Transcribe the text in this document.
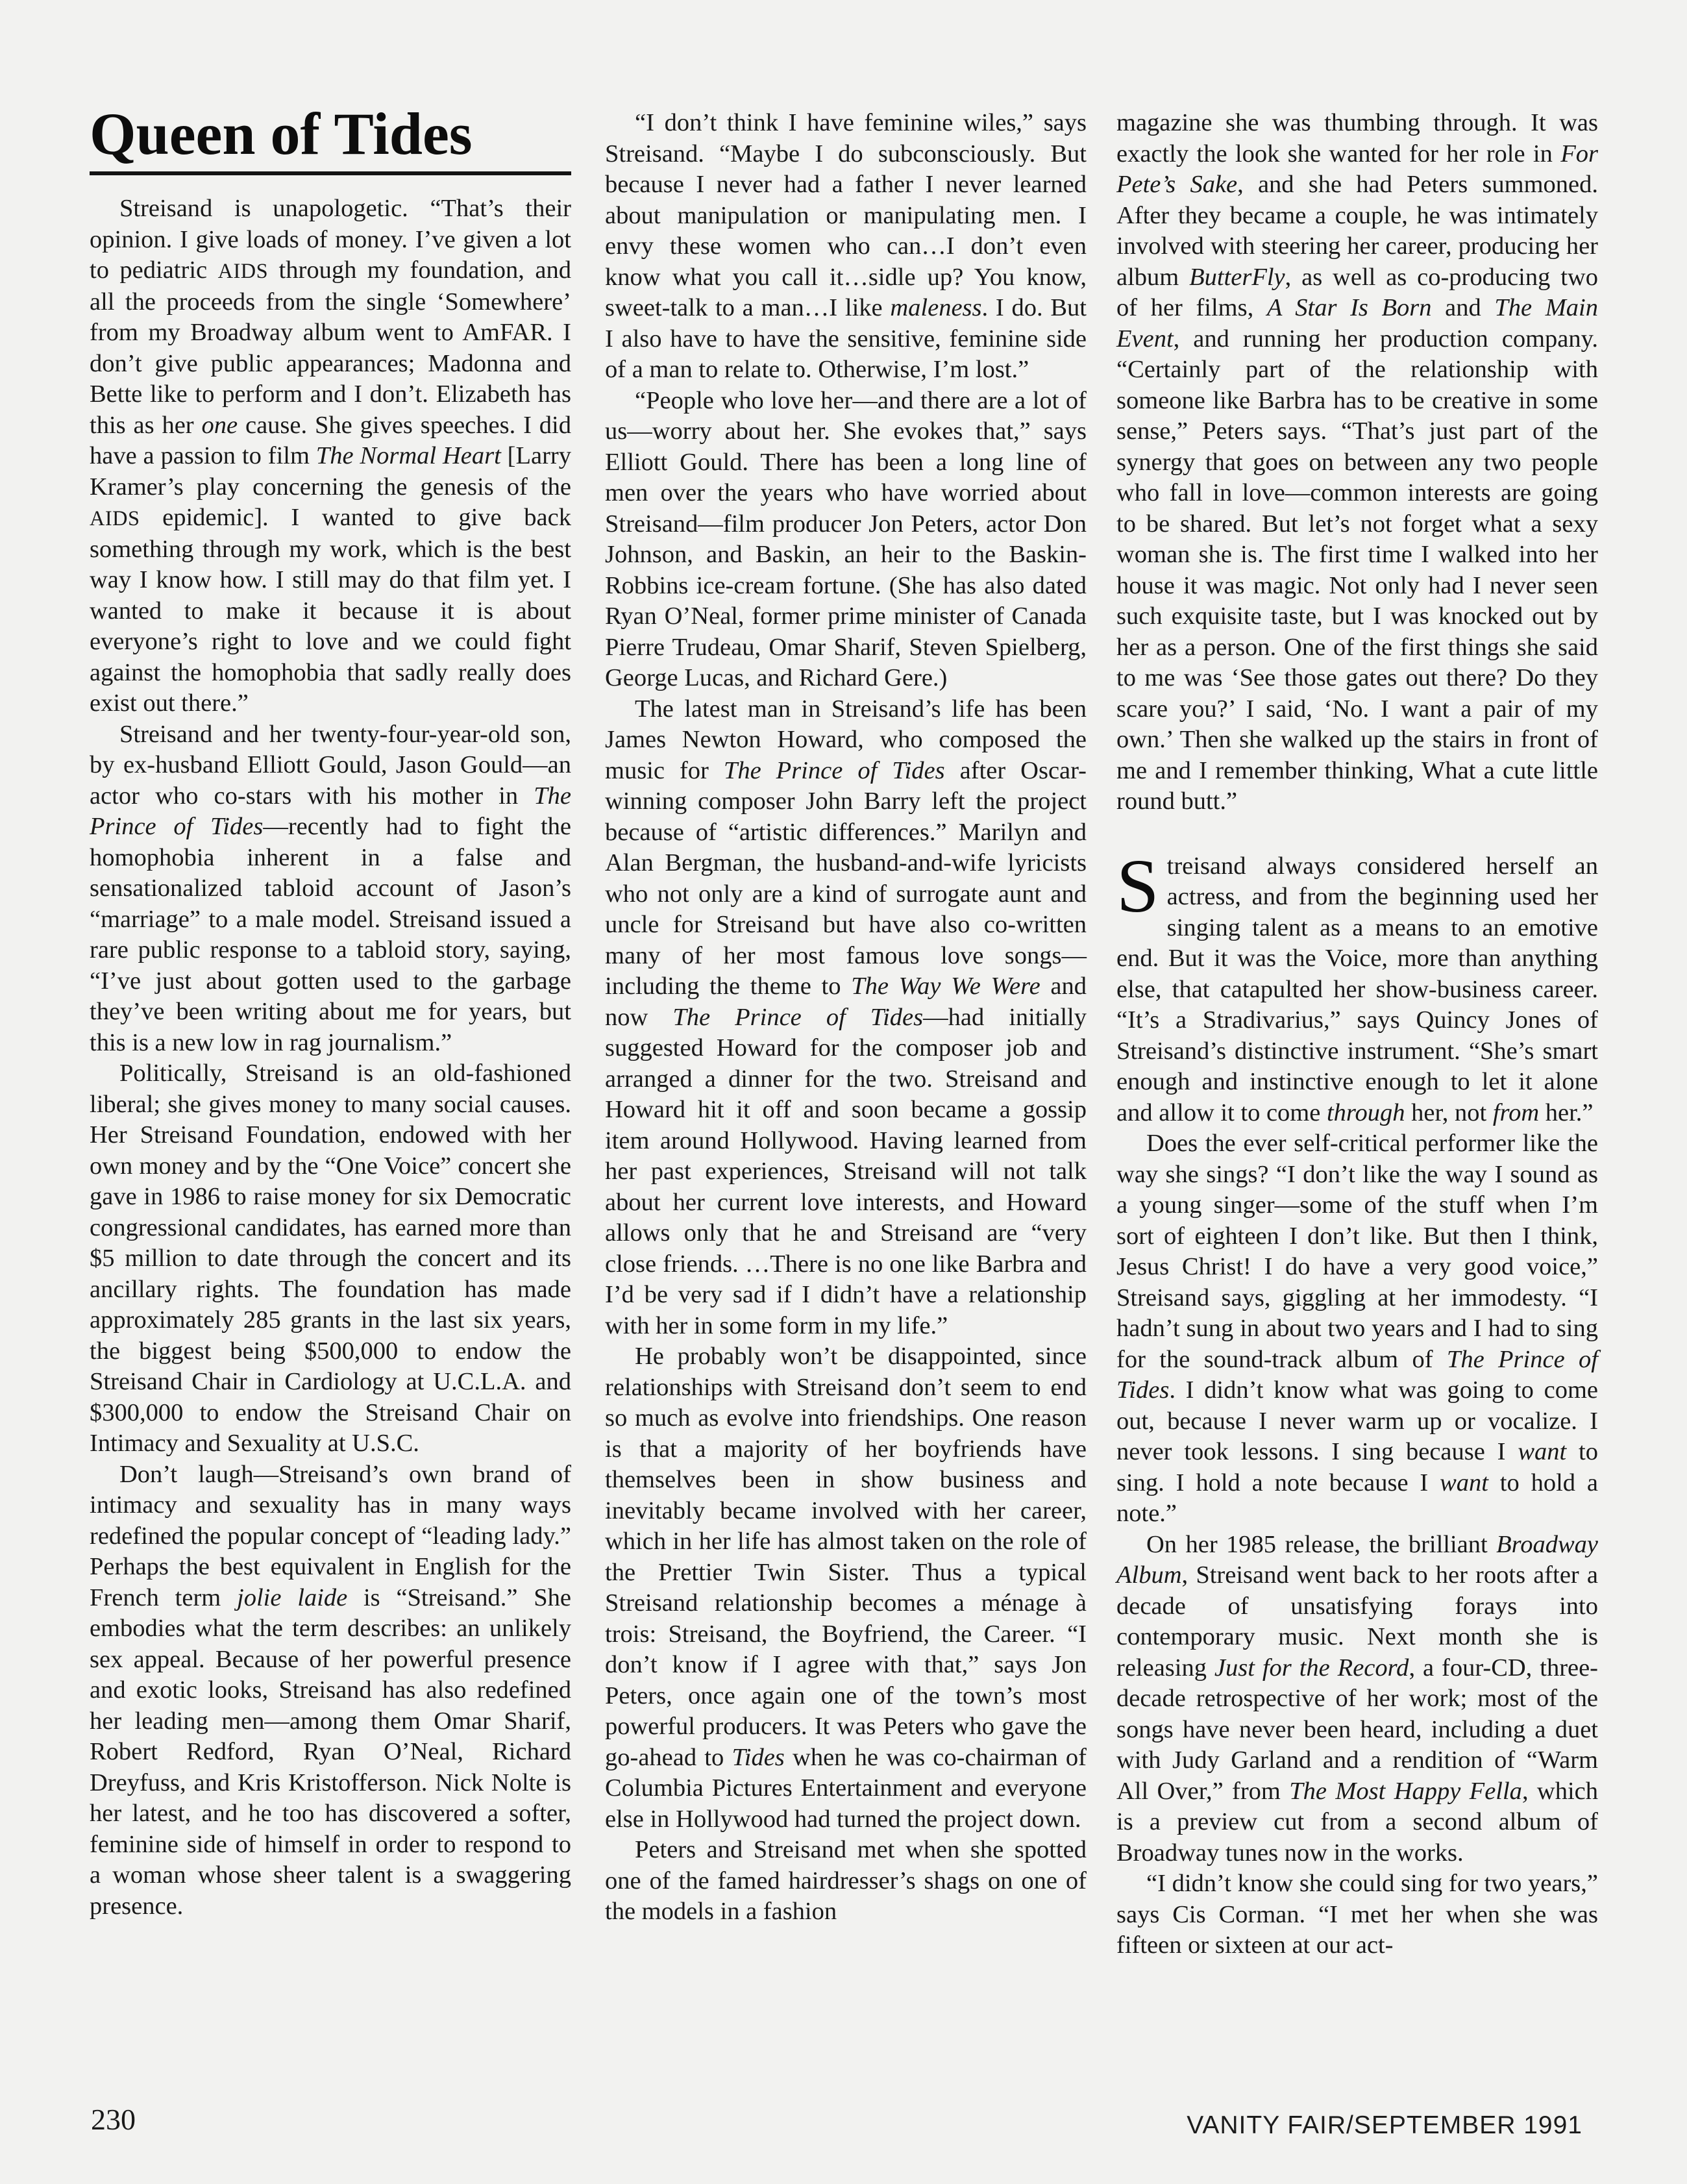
Queen of Tides

Streisand is unapologetic. “That’s their opinion. I give loads of money. I’ve given a lot to pediatric AIDS through my foundation, and all the proceeds from the single ‘Somewhere’ from my Broadway album went to AmFAR. I don’t give public appearances; Madonna and Bette like to perform and I don’t. Elizabeth has this as her one cause. She gives speeches. I did have a passion to film The Normal Heart [Larry Kramer’s play concerning the genesis of the AIDS epidemic]. I wanted to give back something through my work, which is the best way I know how. I still may do that film yet. I wanted to make it because it is about everyone’s right to love and we could fight against the homophobia that sadly really does exist out there.”

Streisand and her twenty-four-year-old son, by ex-husband Elliott Gould, Jason Gould—an actor who co-stars with his mother in The Prince of Tides—recently had to fight the homophobia inherent in a false and sensationalized tabloid account of Jason’s “marriage” to a male model. Streisand issued a rare public response to a tabloid story, saying, “I’ve just about gotten used to the garbage they’ve been writing about me for years, but this is a new low in rag journalism.”

Politically, Streisand is an old-fashioned liberal; she gives money to many social causes. Her Streisand Foundation, endowed with her own money and by the “One Voice” concert she gave in 1986 to raise money for six Democratic congressional candidates, has earned more than $5 million to date through the concert and its ancillary rights. The foundation has made approximately 285 grants in the last six years, the biggest being $500,000 to endow the Streisand Chair in Cardiology at U.C.L.A. and $300,000 to endow the Streisand Chair on Intimacy and Sexuality at U.S.C.

Don’t laugh—Streisand’s own brand of intimacy and sexuality has in many ways redefined the popular concept of “leading lady.” Perhaps the best equivalent in English for the French term jolie laide is “Streisand.” She embodies what the term describes: an unlikely sex appeal. Because of her powerful presence and exotic looks, Streisand has also redefined her leading men—among them Omar Sharif, Robert Redford, Ryan O’Neal, Richard Dreyfuss, and Kris Kristofferson. Nick Nolte is her latest, and he too has discovered a softer, feminine side of himself in order to respond to a woman whose sheer talent is a swaggering presence.

“I don’t think I have feminine wiles,” says Streisand. “Maybe I do subconsciously. But because I never had a father I never learned about manipulation or manipulating men. I envy these women who can…I don’t even know what you call it…sidle up? You know, sweet-talk to a man…I like maleness. I do. But I also have to have the sensitive, feminine side of a man to relate to. Otherwise, I’m lost.”

“People who love her—and there are a lot of us—worry about her. She evokes that,” says Elliott Gould. There has been a long line of men over the years who have worried about Streisand—film producer Jon Peters, actor Don Johnson, and Baskin, an heir to the Baskin-Robbins ice-cream fortune. (She has also dated Ryan O’Neal, former prime minister of Canada Pierre Trudeau, Omar Sharif, Steven Spielberg, George Lucas, and Richard Gere.)

The latest man in Streisand’s life has been James Newton Howard, who composed the music for The Prince of Tides after Oscar-winning composer John Barry left the project because of “artistic differences.” Marilyn and Alan Bergman, the husband-and-wife lyricists who not only are a kind of surrogate aunt and uncle for Streisand but have also co-written many of her most famous love songs—including the theme to The Way We Were and now The Prince of Tides—had initially suggested Howard for the composer job and arranged a dinner for the two. Streisand and Howard hit it off and soon became a gossip item around Hollywood. Having learned from her past experiences, Streisand will not talk about her current love interests, and Howard allows only that he and Streisand are “very close friends. …There is no one like Barbra and I’d be very sad if I didn’t have a relationship with her in some form in my life.”

He probably won’t be disappointed, since relationships with Streisand don’t seem to end so much as evolve into friendships. One reason is that a majority of her boyfriends have themselves been in show business and inevitably became involved with her career, which in her life has almost taken on the role of the Prettier Twin Sister. Thus a typical Streisand relationship becomes a ménage à trois: Streisand, the Boyfriend, the Career. “I don’t know if I agree with that,” says Jon Peters, once again one of the town’s most powerful producers. It was Peters who gave the go-ahead to Tides when he was co-chairman of Columbia Pictures Entertainment and everyone else in Hollywood had turned the project down.

Peters and Streisand met when she spotted one of the famed hairdresser’s shags on one of the models in a fashion

magazine she was thumbing through. It was exactly the look she wanted for her role in For Pete’s Sake, and she had Peters summoned. After they became a couple, he was intimately involved with steering her career, producing her album ButterFly, as well as co-producing two of her films, A Star Is Born and The Main Event, and running her production company. “Certainly part of the relationship with someone like Barbra has to be creative in some sense,” Peters says. “That’s just part of the synergy that goes on between any two people who fall in love—common interests are going to be shared. But let’s not forget what a sexy woman she is. The first time I walked into her house it was magic. Not only had I never seen such exquisite taste, but I was knocked out by her as a person. One of the first things she said to me was ‘See those gates out there? Do they scare you?’ I said, ‘No. I want a pair of my own.’ Then she walked up the stairs in front of me and I remember thinking, What a cute little round butt.”

Streisand always considered herself an actress, and from the beginning used her singing talent as a means to an emotive end. But it was the Voice, more than anything else, that catapulted her show-business career. “It’s a Stradivarius,” says Quincy Jones of Streisand’s distinctive instrument. “She’s smart enough and instinctive enough to let it alone and allow it to come through her, not from her.”

Does the ever self-critical performer like the way she sings? “I don’t like the way I sound as a young singer—some of the stuff when I’m sort of eighteen I don’t like. But then I think, Jesus Christ! I do have a very good voice,” Streisand says, giggling at her immodesty. “I hadn’t sung in about two years and I had to sing for the sound-track album of The Prince of Tides. I didn’t know what was going to come out, because I never warm up or vocalize. I never took lessons. I sing because I want to sing. I hold a note because I want to hold a note.”

On her 1985 release, the brilliant Broadway Album, Streisand went back to her roots after a decade of unsatisfying forays into contemporary music. Next month she is releasing Just for the Record, a four-CD, three-decade retrospective of her work; most of the songs have never been heard, including a duet with Judy Garland and a rendition of “Warm All Over,” from The Most Happy Fella, which is a preview cut from a second album of Broadway tunes now in the works.

“I didn’t know she could sing for two years,” says Cis Corman. “I met her when she was fifteen or sixteen at our act-

230	VANITY FAIR/SEPTEMBER 1991
